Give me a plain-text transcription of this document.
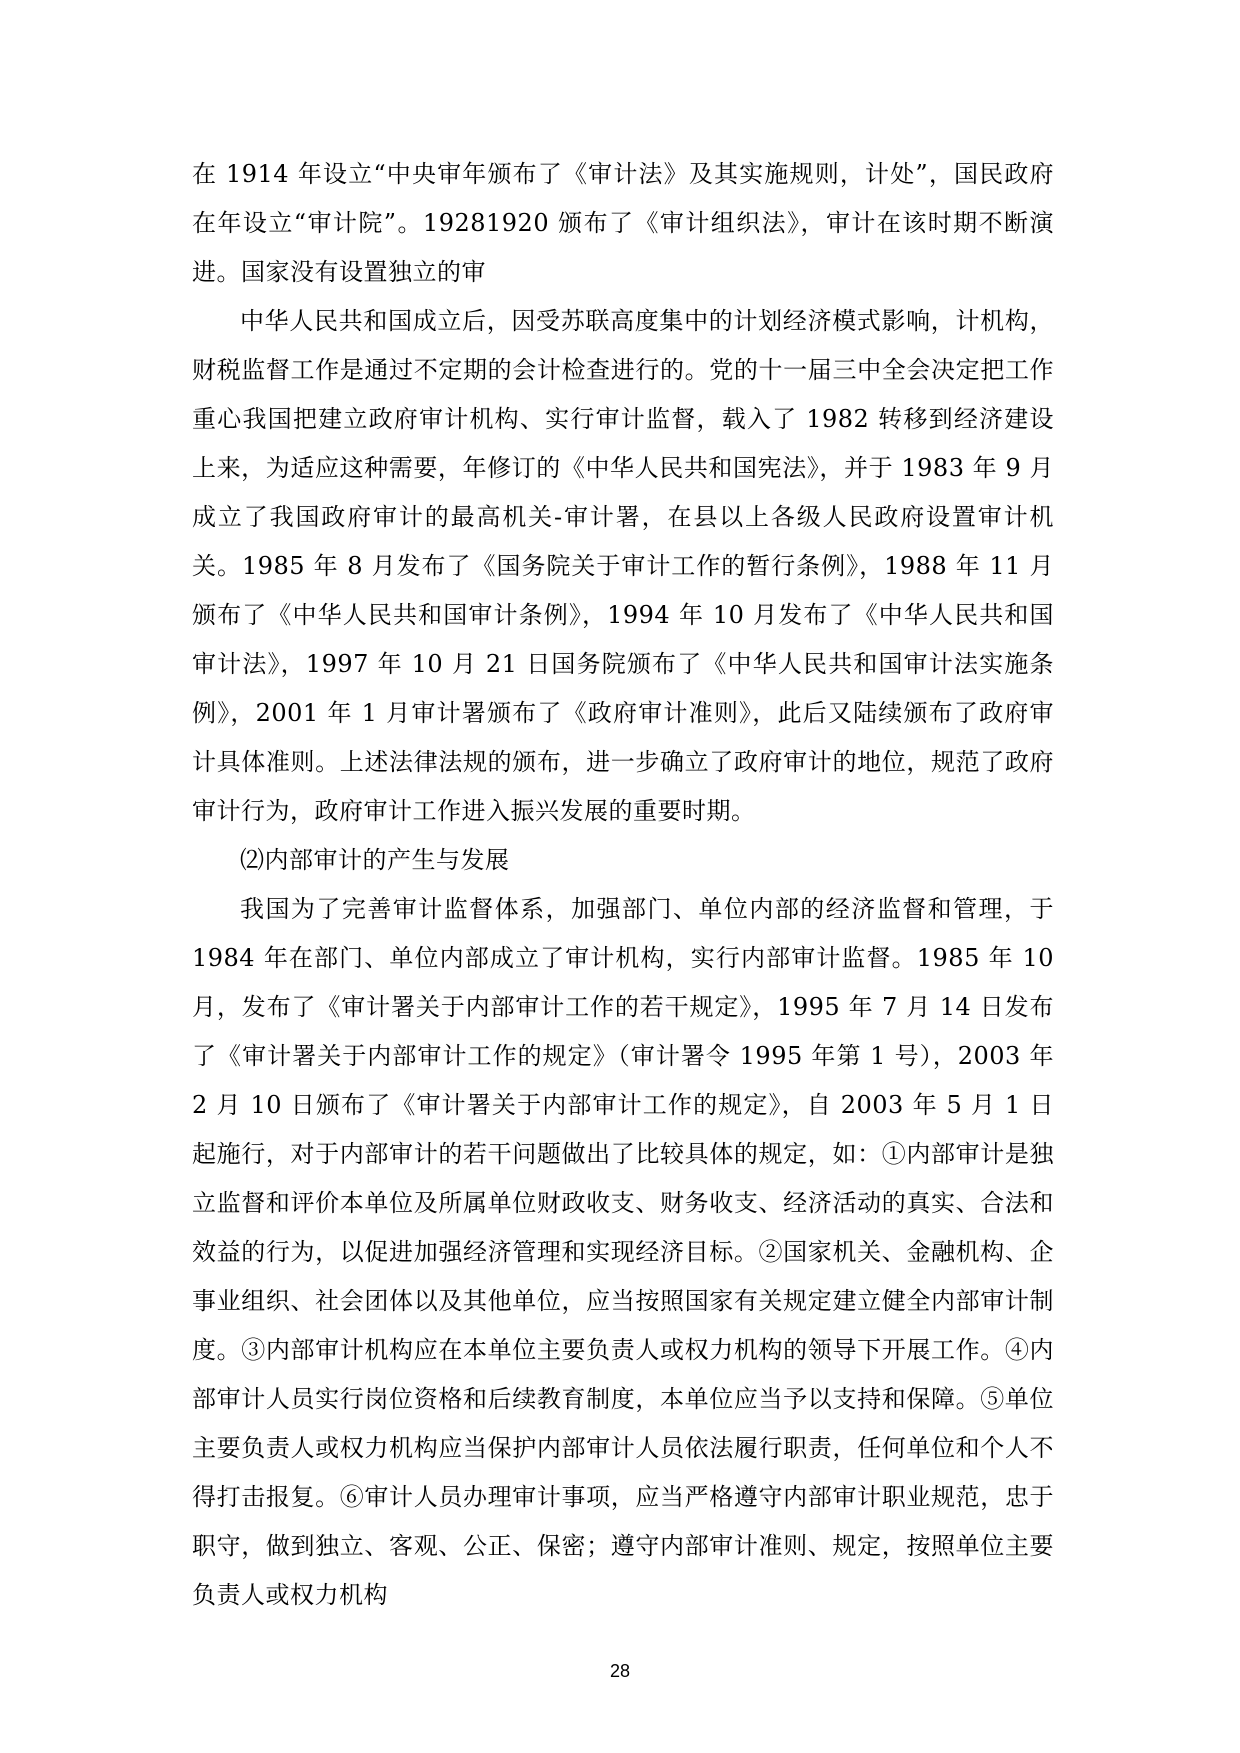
在 1914 年设立“中央审年颁布了《审计法》及其实施规则，计处”，国民政府在年设立“审计院”。19281920 颁布了《审计组织法》，审计在该时期不断演进。国家没有设置独立的审

中华人民共和国成立后，因受苏联高度集中的计划经济模式影响，计机构，财税监督工作是通过不定期的会计检查进行的。党的十一届三中全会决定把工作重心我国把建立政府审计机构、实行审计监督，载入了 1982 转移到经济建设上来，为适应这种需要，年修订的《中华人民共和国宪法》，并于 1983 年 9 月成立了我国政府审计的最高机关-审计署，在县以上各级人民政府设置审计机关。1985 年 8 月发布了《国务院关于审计工作的暂行条例》，1988 年 11 月颁布了《中华人民共和国审计条例》，1994 年 10 月发布了《中华人民共和国审计法》，1997 年 10 月 21 日国务院颁布了《中华人民共和国审计法实施条例》，2001 年 1 月审计署颁布了《政府审计准则》，此后又陆续颁布了政府审计具体准则。上述法律法规的颁布，进一步确立了政府审计的地位，规范了政府审计行为，政府审计工作进入振兴发展的重要时期。

⑵内部审计的产生与发展

我国为了完善审计监督体系，加强部门、单位内部的经济监督和管理，于 1984 年在部门、单位内部成立了审计机构，实行内部审计监督。1985 年 10 月，发布了《审计署关于内部审计工作的若干规定》，1995 年 7 月 14 日发布了《审计署关于内部审计工作的规定》（审计署令 1995 年第 1 号），2003 年 2 月 10 日颁布了《审计署关于内部审计工作的规定》，自 2003 年 5 月 1 日起施行，对于内部审计的若干问题做出了比较具体的规定，如：①内部审计是独立监督和评价本单位及所属单位财政收支、财务收支、经济活动的真实、合法和效益的行为，以促进加强经济管理和实现经济目标。②国家机关、金融机构、企事业组织、社会团体以及其他单位，应当按照国家有关规定建立健全内部审计制度。③内部审计机构应在本单位主要负责人或权力机构的领导下开展工作。④内部审计人员实行岗位资格和后续教育制度，本单位应当予以支持和保障。⑤单位主要负责人或权力机构应当保护内部审计人员依法履行职责，任何单位和个人不得打击报复。⑥审计人员办理审计事项，应当严格遵守内部审计职业规范，忠于职守，做到独立、客观、公正、保密；遵守内部审计准则、规定，按照单位主要负责人或权力机构

28
